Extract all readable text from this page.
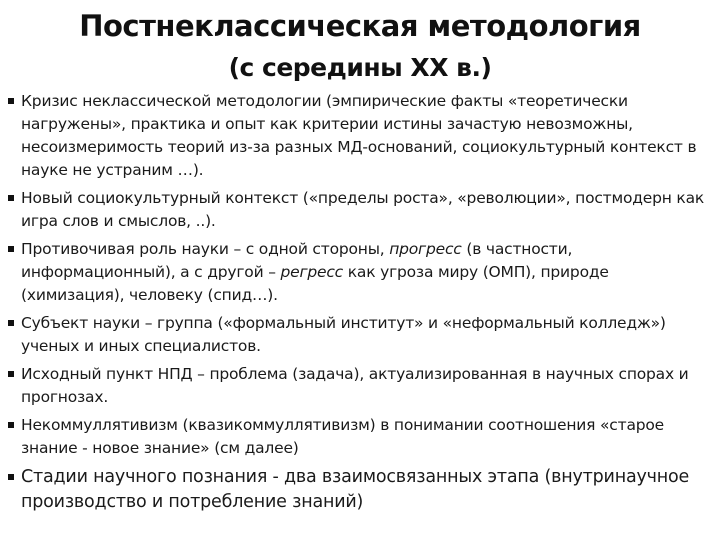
Постнеклассическая методология
(с середины XX в.)
Кризис неклассической методологии (эмпирические факты «теоретически нагружены», практика и опыт как критерии истины зачастую невозможны, несоизмеримость теорий из-за разных МД-оснований, социокультурный контекст в науке не устраним …).
Новый социокультурный контекст («пределы роста», «революции», постмодерн как игра слов и смыслов, ..).
Противочивая роль науки – с одной стороны, прогресс (в частности, информационный), а с другой – регресс как угроза миру (ОМП), природе (химизация), человеку (спид…).
Субъект науки – группа («формальный институт» и «неформальный колледж») ученых и иных специалистов.
Исходный пункт НПД – проблема (задача), актуализированная в научных спорах и прогнозах.
Некоммуллятивизм (квазикоммуллятивизм) в понимании соотношения «старое знание - новое знание» (см далее)
Стадии научного познания - два взаимосвязанных этапа (внутринаучное производство и потребление знаний)
